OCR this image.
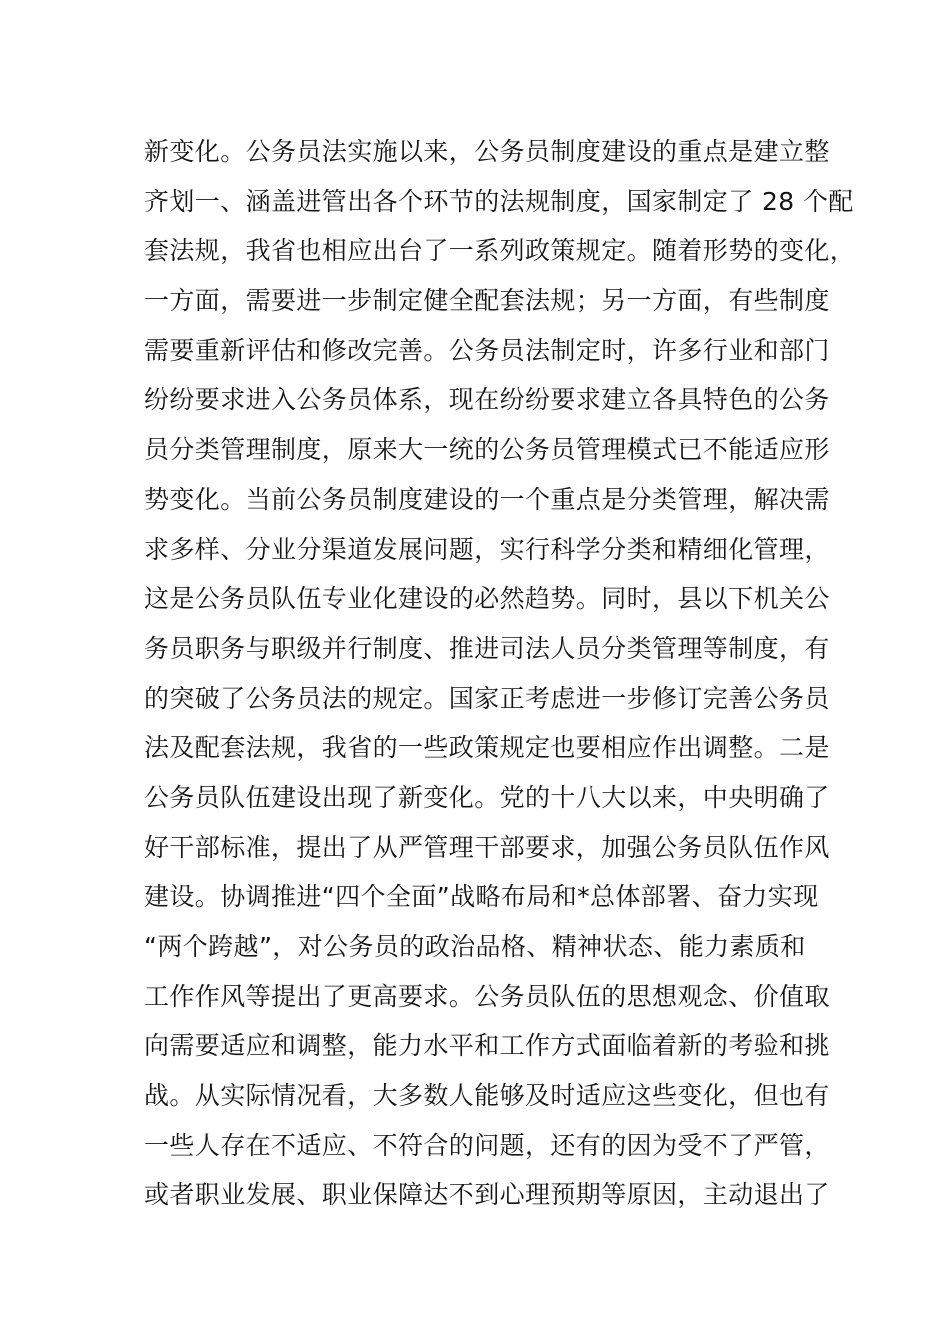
新变化。公务员法实施以来，公务员制度建设的重点是建立整
齐划一、涵盖进管出各个环节的法规制度，国家制定了 28 个配
套法规，我省也相应出台了一系列政策规定。随着形势的变化，
一方面，需要进一步制定健全配套法规；另一方面，有些制度
需要重新评估和修改完善。公务员法制定时，许多行业和部门
纷纷要求进入公务员体系，现在纷纷要求建立各具特色的公务
员分类管理制度，原来大一统的公务员管理模式已不能适应形
势变化。当前公务员制度建设的一个重点是分类管理，解决需
求多样、分业分渠道发展问题，实行科学分类和精细化管理，
这是公务员队伍专业化建设的必然趋势。同时，县以下机关公
务员职务与职级并行制度、推进司法人员分类管理等制度，有
的突破了公务员法的规定。国家正考虑进一步修订完善公务员
法及配套法规，我省的一些政策规定也要相应作出调整。二是
公务员队伍建设出现了新变化。党的十八大以来，中央明确了
好干部标准，提出了从严管理干部要求，加强公务员队伍作风
建设。协调推进“四个全面”战略布局和*总体部署、奋力实现
“两个跨越”，对公务员的政治品格、精神状态、能力素质和
工作作风等提出了更高要求。公务员队伍的思想观念、价值取
向需要适应和调整，能力水平和工作方式面临着新的考验和挑
战。从实际情况看，大多数人能够及时适应这些变化，但也有
一些人存在不适应、不符合的问题，还有的因为受不了严管，
或者职业发展、职业保障达不到心理预期等原因，主动退出了
